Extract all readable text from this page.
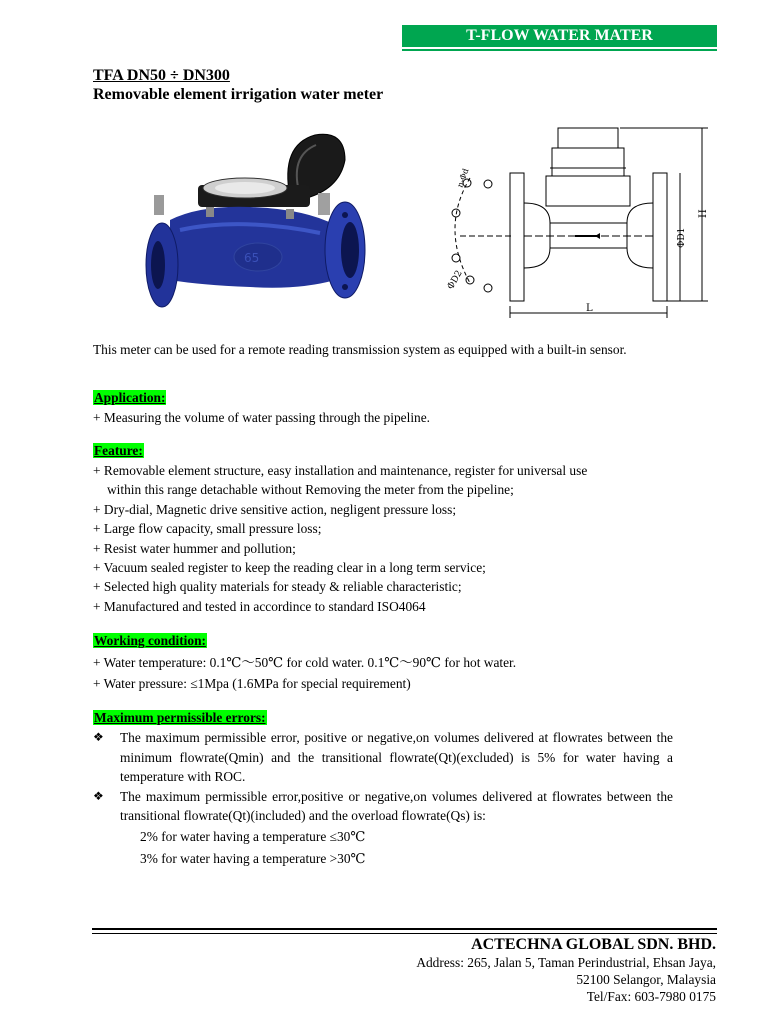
T-FLOW WATER MATER
TFA DN50 ÷ DN300
Removable element irrigation water meter
65
L
H
ΦD1
ΦD2
n-Φd
This meter can be used for a remote reading transmission system as equipped with a built-in sensor.
Application:
+ Measuring the volume of water passing through the pipeline.
Feature:
+ Removable element structure, easy installation and maintenance, register for universal use
within this range detachable without Removing the meter from the pipeline;
+ Dry-dial, Magnetic drive sensitive action, negligent pressure loss;
+ Large flow capacity, small pressure loss;
+ Resist water hummer and pollution;
+ Vacuum sealed register to keep the reading clear in a long term service;
+ Selected high quality materials for steady & reliable characteristic;
+ Manufactured and tested in accordince to standard ISO4064
Working condition:
+ Water temperature: 0.1℃～50℃ for cold water. 0.1℃～90℃ for hot water.
+ Water pressure: ≤1Mpa (1.6MPa for special requirement)
Maximum permissible errors:
❖	The maximum permissible error, positive or negative,on volumes delivered at flowrates between the minimum flowrate(Qmin) and the transitional flowrate(Qt)(excluded) is 5% for water having a temperature with ROC.
❖	The maximum permissible error,positive or negative,on volumes delivered at flowrates between the transitional flowrate(Qt)(included) and the overload flowrate(Qs) is:
2% for water having a temperature ≤30℃
3% for water having a temperature >30℃
ACTECHNA GLOBAL SDN. BHD.
Address: 265, Jalan 5, Taman Perindustrial, Ehsan Jaya,
52100 Selangor, Malaysia
Tel/Fax: 603-7980 0175
